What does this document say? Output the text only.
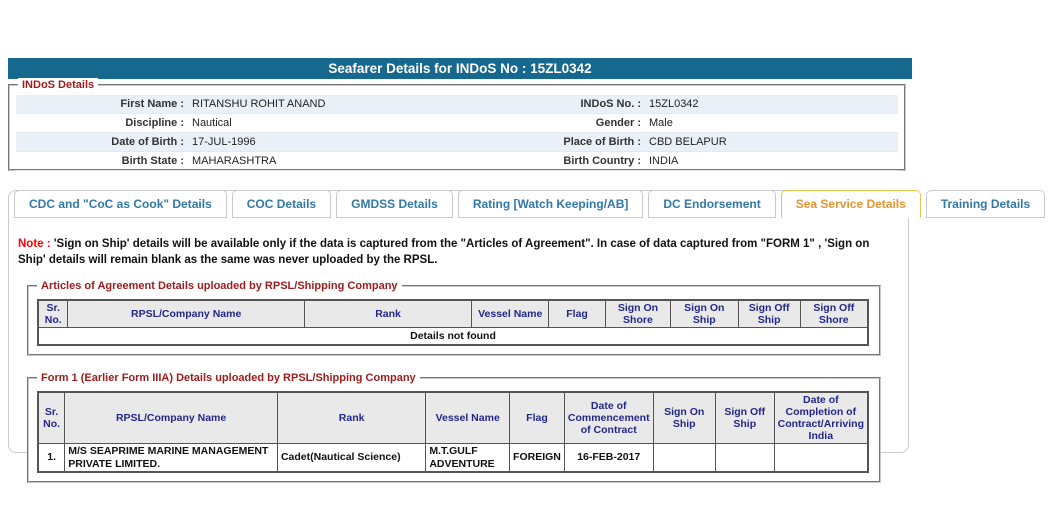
Seafarer Details for INDoS No : 15ZL0342
INDoS Details
First Name : RITANSHU ROHIT ANAND	INDoS No. : 15ZL0342
Discipline : Nautical	Gender : Male
Date of Birth : 17-JUL-1996	Place of Birth : CBD BELAPUR
Birth State : MAHARASHTRA	Birth Country : INDIA
CDC and "CoC as Cook" Details	COC Details	GMDSS Details	Rating [Watch Keeping/AB]	DC Endorsement	Sea Service Details	Training Details
Note : 'Sign on Ship' details will be available only if the data is captured from the "Articles of Agreement". In case of data captured from "FORM 1" , 'Sign on Ship' details will remain blank as the same was never uploaded by the RPSL.
Articles of Agreement Details uploaded by RPSL/Shipping Company
Sr. No.	RPSL/Company Name	Rank	Vessel Name	Flag	Sign On Shore	Sign On Ship	Sign Off Ship	Sign Off Shore
Details not found
Form 1 (Earlier Form IIIA) Details uploaded by RPSL/Shipping Company
Sr. No.	RPSL/Company Name	Rank	Vessel Name	Flag	Date of Commencement of Contract	Sign On Ship	Sign Off Ship	Date of Completion of Contract/Arriving India
1.	M/S SEAPRIME MARINE MANAGEMENT PRIVATE LIMITED.	Cadet(Nautical Science)	M.T.GULF ADVENTURE	FOREIGN	16-FEB-2017			
